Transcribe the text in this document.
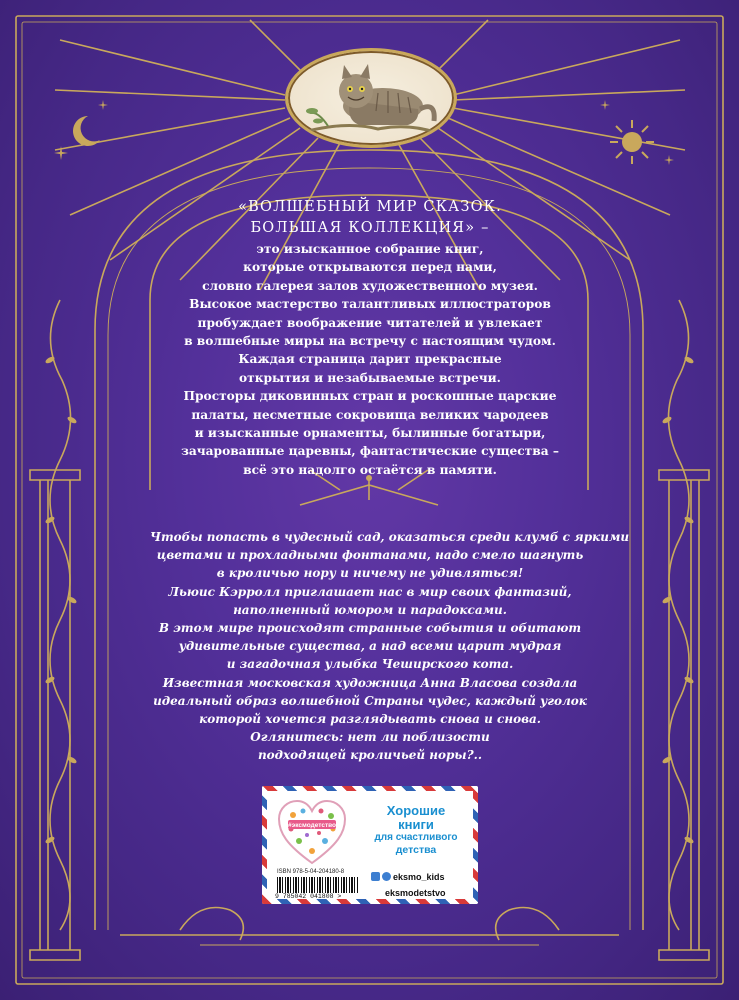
«ВОЛШЕБНЫЙ МИР СКАЗОК.
БОЛЬШАЯ КОЛЛЕКЦИЯ» –
это изысканное собрание книг,
которые открываются перед нами,
словно галерея залов художественного музея.
Высокое мастерство талантливых иллюстраторов
пробуждает воображение читателей и увлекает
в волшебные миры на встречу с настоящим чудом.
Каждая страница дарит прекрасные
открытия и незабываемые встречи.
Просторы диковинных стран и роскошные царские
палаты, несметные сокровища великих чародеев
и изысканные орнаменты, былинные богатыри,
зачарованные царевны, фантастические существа –
всё это надолго остаётся в памяти.
Чтобы попасть в чудесный сад, оказаться среди клумб с яркими
цветами и прохладными фонтанами, надо смело шагнуть
в кроличью нору и ничему не удивляться!
Льюис Кэрролл приглашает нас в мир своих фантазий,
наполненный юмором и парадоксами.
В этом мире происходят странные события и обитают
удивительные существа, а над всеми царит мудрая
и загадочная улыбка Чеширского кота.
Известная московская художница Анна Власова создала
идеальный образ волшебной Страны чудес, каждый уголок
которой хочется разглядывать снова и снова.
Оглянитесь: нет ли поблизости
подходящей кроличьей норы?..
#эксмодетство
Хорошие
книги
для счастливого
детства
ISBN 978-5-04-204180-8
9 785042 041808 >
eksmo_kids
eksmodetstvo
